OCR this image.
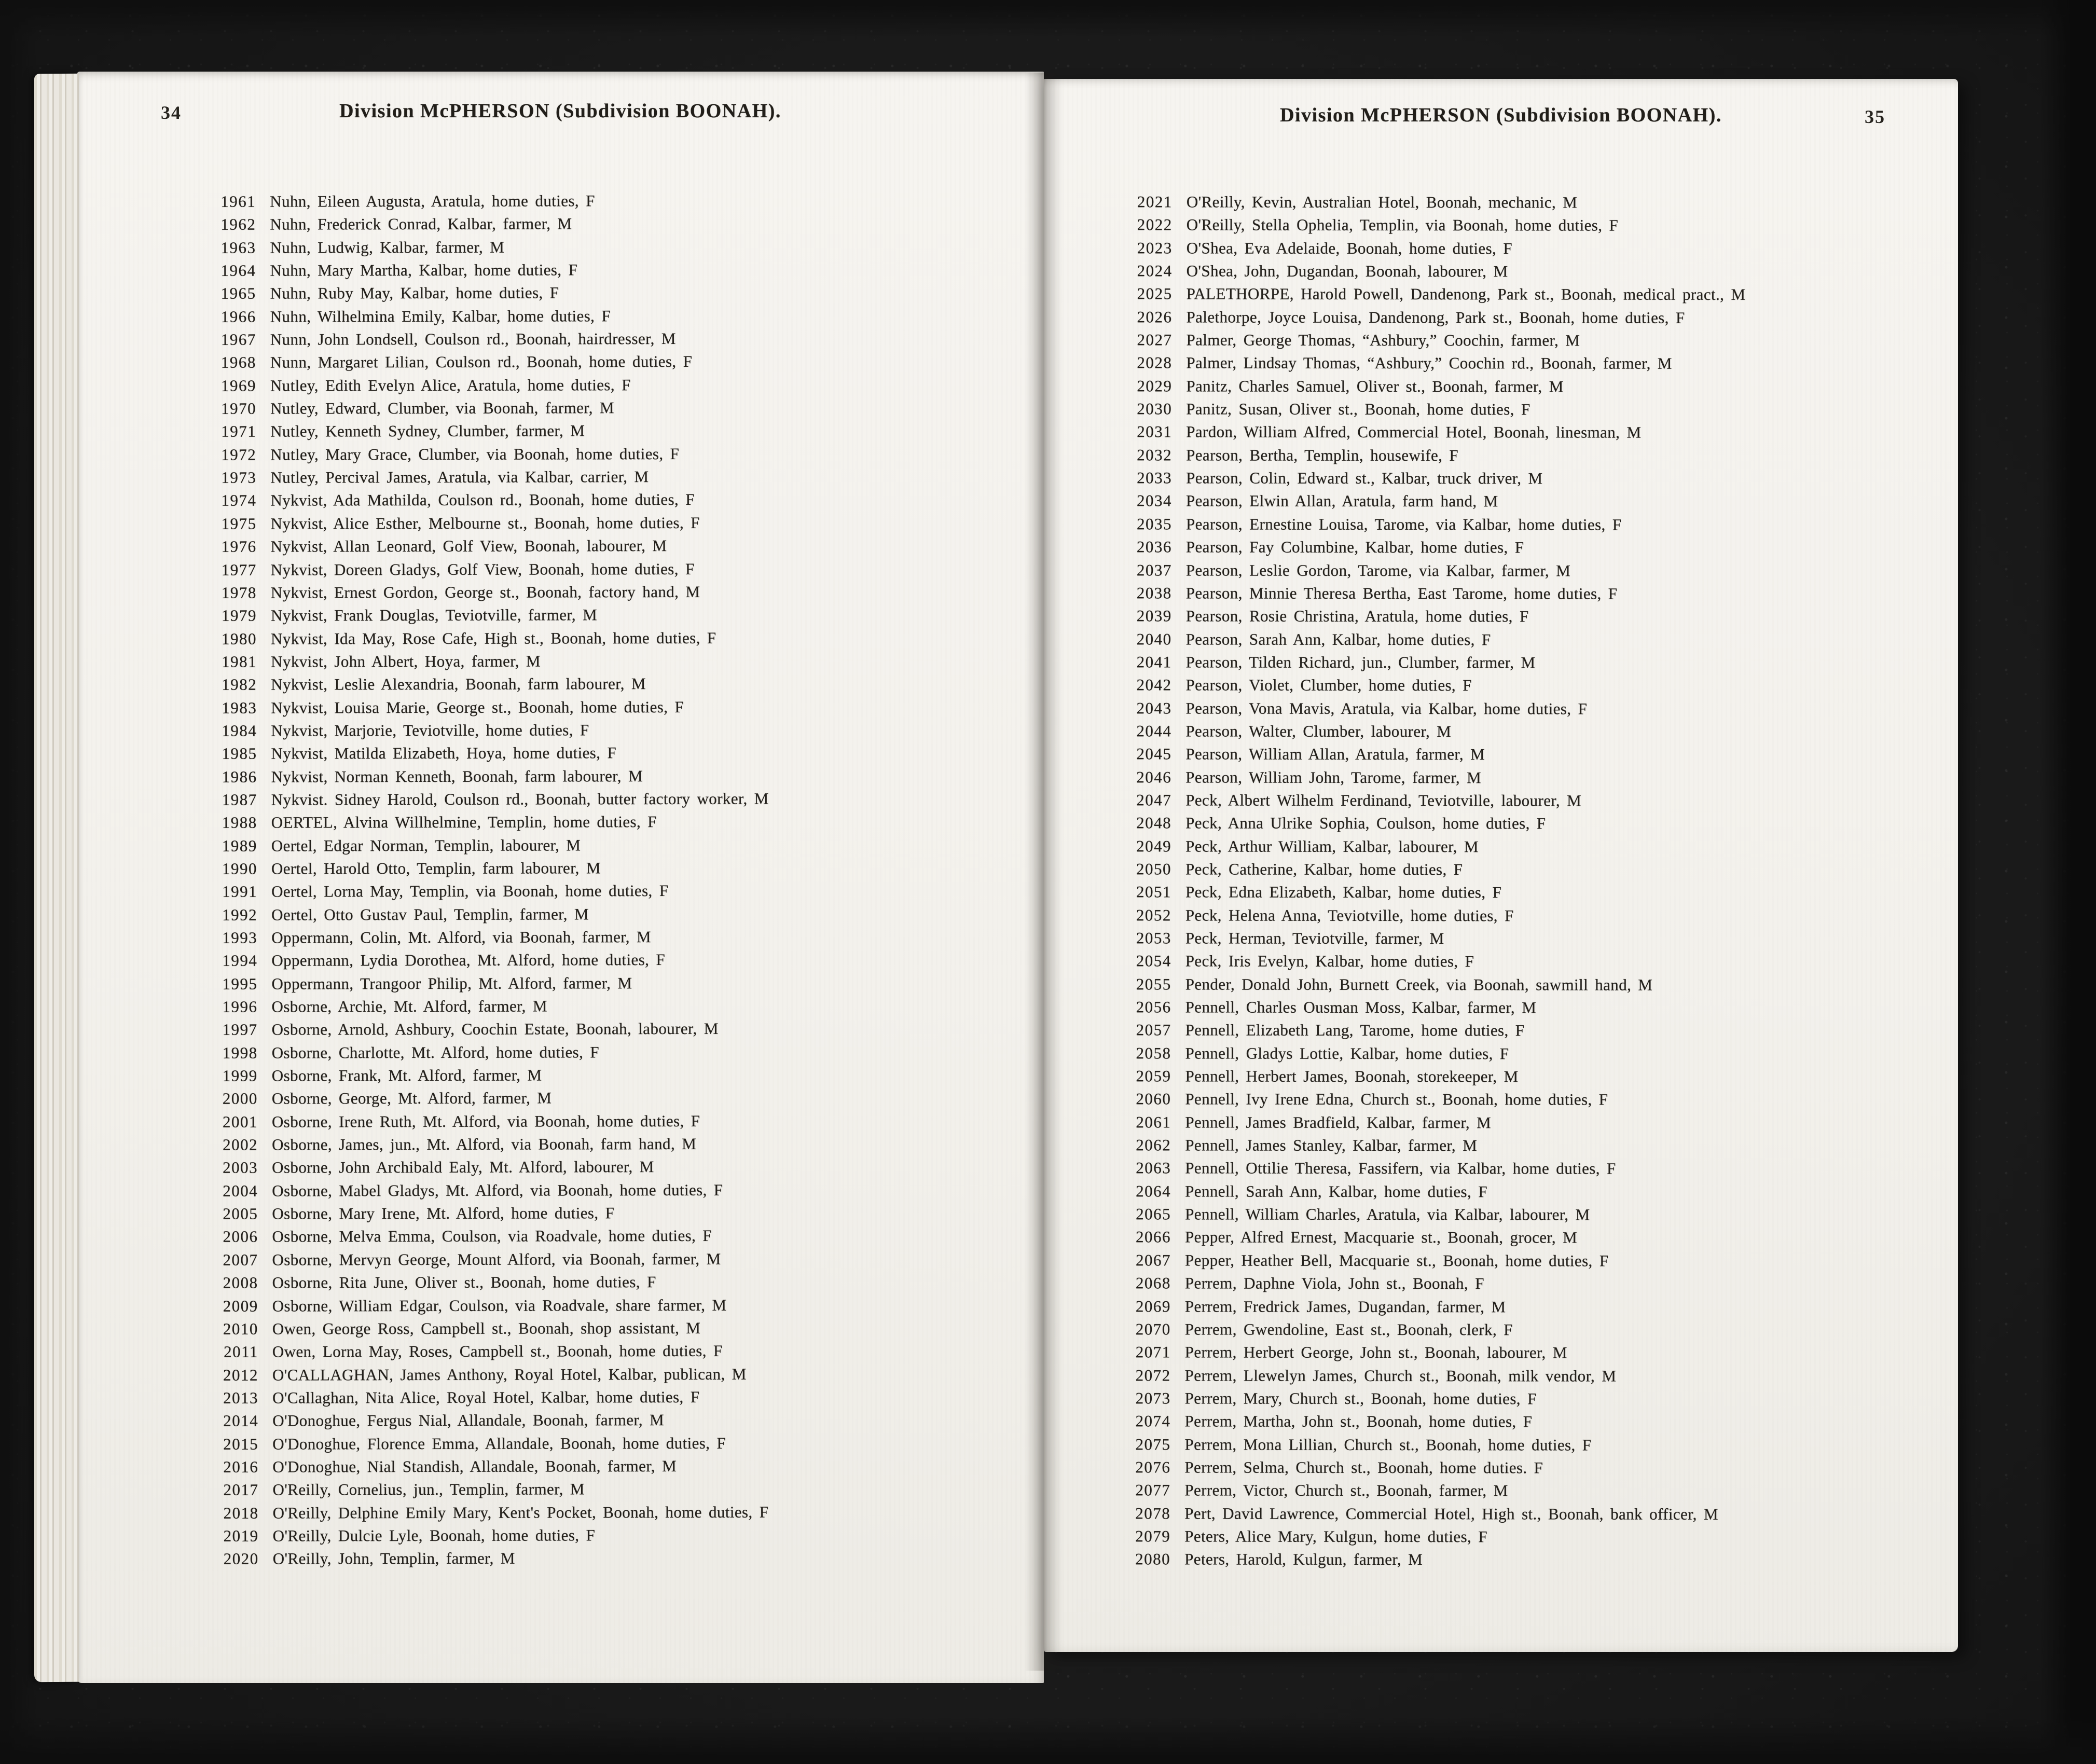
34	Division McPHERSON (Subdivision BOONAH).
1961 Nuhn, Eileen Augusta, Aratula, home duties, F
1962 Nuhn, Frederick Conrad, Kalbar, farmer, M
1963 Nuhn, Ludwig, Kalbar, farmer, M
1964 Nuhn, Mary Martha, Kalbar, home duties, F
1965 Nuhn, Ruby May, Kalbar, home duties, F
1966 Nuhn, Wilhelmina Emily, Kalbar, home duties, F
1967 Nunn, John Londsell, Coulson rd., Boonah, hairdresser, M
1968 Nunn, Margaret Lilian, Coulson rd., Boonah, home duties, F
1969 Nutley, Edith Evelyn Alice, Aratula, home duties, F
1970 Nutley, Edward, Clumber, via Boonah, farmer, M
1971 Nutley, Kenneth Sydney, Clumber, farmer, M
1972 Nutley, Mary Grace, Clumber, via Boonah, home duties, F
1973 Nutley, Percival James, Aratula, via Kalbar, carrier, M
1974 Nykvist, Ada Mathilda, Coulson rd., Boonah, home duties, F
1975 Nykvist, Alice Esther, Melbourne st., Boonah, home duties, F
1976 Nykvist, Allan Leonard, Golf View, Boonah, labourer, M
1977 Nykvist, Doreen Gladys, Golf View, Boonah, home duties, F
1978 Nykvist, Ernest Gordon, George st., Boonah, factory hand, M
1979 Nykvist, Frank Douglas, Teviotville, farmer, M
1980 Nykvist, Ida May, Rose Cafe, High st., Boonah, home duties, F
1981 Nykvist, John Albert, Hoya, farmer, M
1982 Nykvist, Leslie Alexandria, Boonah, farm labourer, M
1983 Nykvist, Louisa Marie, George st., Boonah, home duties, F
1984 Nykvist, Marjorie, Teviotville, home duties, F
1985 Nykvist, Matilda Elizabeth, Hoya, home duties, F
1986 Nykvist, Norman Kenneth, Boonah, farm labourer, M
1987 Nykvist. Sidney Harold, Coulson rd., Boonah, butter factory worker, M
1988 OERTEL, Alvina Willhelmine, Templin, home duties, F
1989 Oertel, Edgar Norman, Templin, labourer, M
1990 Oertel, Harold Otto, Templin, farm labourer, M
1991 Oertel, Lorna May, Templin, via Boonah, home duties, F
1992 Oertel, Otto Gustav Paul, Templin, farmer, M
1993 Oppermann, Colin, Mt. Alford, via Boonah, farmer, M
1994 Oppermann, Lydia Dorothea, Mt. Alford, home duties, F
1995 Oppermann, Trangoor Philip, Mt. Alford, farmer, M
1996 Osborne, Archie, Mt. Alford, farmer, M
1997 Osborne, Arnold, Ashbury, Coochin Estate, Boonah, labourer, M
1998 Osborne, Charlotte, Mt. Alford, home duties, F
1999 Osborne, Frank, Mt. Alford, farmer, M
2000 Osborne, George, Mt. Alford, farmer, M
2001 Osborne, Irene Ruth, Mt. Alford, via Boonah, home duties, F
2002 Osborne, James, jun., Mt. Alford, via Boonah, farm hand, M
2003 Osborne, John Archibald Ealy, Mt. Alford, labourer, M
2004 Osborne, Mabel Gladys, Mt. Alford, via Boonah, home duties, F
2005 Osborne, Mary Irene, Mt. Alford, home duties, F
2006 Osborne, Melva Emma, Coulson, via Roadvale, home duties, F
2007 Osborne, Mervyn George, Mount Alford, via Boonah, farmer, M
2008 Osborne, Rita June, Oliver st., Boonah, home duties, F
2009 Osborne, William Edgar, Coulson, via Roadvale, share farmer, M
2010 Owen, George Ross, Campbell st., Boonah, shop assistant, M
2011 Owen, Lorna May, Roses, Campbell st., Boonah, home duties, F
2012 O'CALLAGHAN, James Anthony, Royal Hotel, Kalbar, publican, M
2013 O'Callaghan, Nita Alice, Royal Hotel, Kalbar, home duties, F
2014 O'Donoghue, Fergus Nial, Allandale, Boonah, farmer, M
2015 O'Donoghue, Florence Emma, Allandale, Boonah, home duties, F
2016 O'Donoghue, Nial Standish, Allandale, Boonah, farmer, M
2017 O'Reilly, Cornelius, jun., Templin, farmer, M
2018 O'Reilly, Delphine Emily Mary, Kent's Pocket, Boonah, home duties, F
2019 O'Reilly, Dulcie Lyle, Boonah, home duties, F
2020 O'Reilly, John, Templin, farmer, M
Division McPHERSON (Subdivision BOONAH).	35
2021 O'Reilly, Kevin, Australian Hotel, Boonah, mechanic, M
2022 O'Reilly, Stella Ophelia, Templin, via Boonah, home duties, F
2023 O'Shea, Eva Adelaide, Boonah, home duties, F
2024 O'Shea, John, Dugandan, Boonah, labourer, M
2025 PALETHORPE, Harold Powell, Dandenong, Park st., Boonah, medical pract., M
2026 Palethorpe, Joyce Louisa, Dandenong, Park st., Boonah, home duties, F
2027 Palmer, George Thomas, “Ashbury,” Coochin, farmer, M
2028 Palmer, Lindsay Thomas, “Ashbury,” Coochin rd., Boonah, farmer, M
2029 Panitz, Charles Samuel, Oliver st., Boonah, farmer, M
2030 Panitz, Susan, Oliver st., Boonah, home duties, F
2031 Pardon, William Alfred, Commercial Hotel, Boonah, linesman, M
2032 Pearson, Bertha, Templin, housewife, F
2033 Pearson, Colin, Edward st., Kalbar, truck driver, M
2034 Pearson, Elwin Allan, Aratula, farm hand, M
2035 Pearson, Ernestine Louisa, Tarome, via Kalbar, home duties, F
2036 Pearson, Fay Columbine, Kalbar, home duties, F
2037 Pearson, Leslie Gordon, Tarome, via Kalbar, farmer, M
2038 Pearson, Minnie Theresa Bertha, East Tarome, home duties, F
2039 Pearson, Rosie Christina, Aratula, home duties, F
2040 Pearson, Sarah Ann, Kalbar, home duties, F
2041 Pearson, Tilden Richard, jun., Clumber, farmer, M
2042 Pearson, Violet, Clumber, home duties, F
2043 Pearson, Vona Mavis, Aratula, via Kalbar, home duties, F
2044 Pearson, Walter, Clumber, labourer, M
2045 Pearson, William Allan, Aratula, farmer, M
2046 Pearson, William John, Tarome, farmer, M
2047 Peck, Albert Wilhelm Ferdinand, Teviotville, labourer, M
2048 Peck, Anna Ulrike Sophia, Coulson, home duties, F
2049 Peck, Arthur William, Kalbar, labourer, M
2050 Peck, Catherine, Kalbar, home duties, F
2051 Peck, Edna Elizabeth, Kalbar, home duties, F
2052 Peck, Helena Anna, Teviotville, home duties, F
2053 Peck, Herman, Teviotville, farmer, M
2054 Peck, Iris Evelyn, Kalbar, home duties, F
2055 Pender, Donald John, Burnett Creek, via Boonah, sawmill hand, M
2056 Pennell, Charles Ousman Moss, Kalbar, farmer, M
2057 Pennell, Elizabeth Lang, Tarome, home duties, F
2058 Pennell, Gladys Lottie, Kalbar, home duties, F
2059 Pennell, Herbert James, Boonah, storekeeper, M
2060 Pennell, Ivy Irene Edna, Church st., Boonah, home duties, F
2061 Pennell, James Bradfield, Kalbar, farmer, M
2062 Pennell, James Stanley, Kalbar, farmer, M
2063 Pennell, Ottilie Theresa, Fassifern, via Kalbar, home duties, F
2064 Pennell, Sarah Ann, Kalbar, home duties, F
2065 Pennell, William Charles, Aratula, via Kalbar, labourer, M
2066 Pepper, Alfred Ernest, Macquarie st., Boonah, grocer, M
2067 Pepper, Heather Bell, Macquarie st., Boonah, home duties, F
2068 Perrem, Daphne Viola, John st., Boonah, F
2069 Perrem, Fredrick James, Dugandan, farmer, M
2070 Perrem, Gwendoline, East st., Boonah, clerk, F
2071 Perrem, Herbert George, John st., Boonah, labourer, M
2072 Perrem, Llewelyn James, Church st., Boonah, milk vendor, M
2073 Perrem, Mary, Church st., Boonah, home duties, F
2074 Perrem, Martha, John st., Boonah, home duties, F
2075 Perrem, Mona Lillian, Church st., Boonah, home duties, F
2076 Perrem, Selma, Church st., Boonah, home duties. F
2077 Perrem, Victor, Church st., Boonah, farmer, M
2078 Pert, David Lawrence, Commercial Hotel, High st., Boonah, bank officer, M
2079 Peters, Alice Mary, Kulgun, home duties, F
2080 Peters, Harold, Kulgun, farmer, M
